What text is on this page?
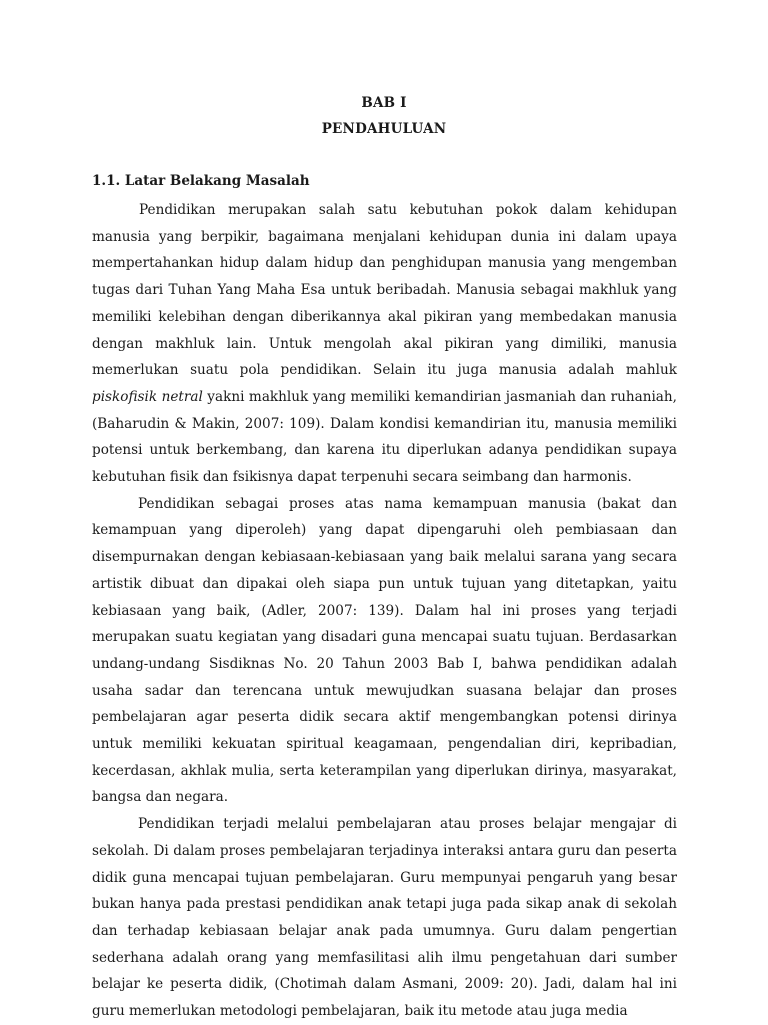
BAB I
PENDAHULUAN
1.1. Latar Belakang Masalah

Pendidikan merupakan salah satu kebutuhan pokok dalam kehidupan manusia yang berpikir, bagaimana menjalani kehidupan dunia ini dalam upaya mempertahankan hidup dalam hidup dan penghidupan manusia yang mengemban tugas dari Tuhan Yang Maha Esa untuk beribadah. Manusia sebagai makhluk yang memiliki kelebihan dengan diberikannya akal pikiran yang membedakan manusia dengan makhluk lain. Untuk mengolah akal pikiran yang dimiliki, manusia memerlukan suatu pola pendidikan. Selain itu juga manusia adalah mahluk piskofisik netral yakni makhluk yang memiliki kemandirian jasmaniah dan ruhaniah, (Baharudin & Makin, 2007: 109). Dalam kondisi kemandirian itu, manusia memiliki potensi untuk berkembang, dan karena itu diperlukan adanya pendidikan supaya kebutuhan fisik dan fsikisnya dapat terpenuhi secara seimbang dan harmonis.

Pendidikan sebagai proses atas nama kemampuan manusia (bakat dan kemampuan yang diperoleh) yang dapat dipengaruhi oleh pembiasaan dan disempurnakan dengan kebiasaan-kebiasaan yang baik melalui sarana yang secara artistik dibuat dan dipakai oleh siapa pun untuk tujuan yang ditetapkan, yaitu kebiasaan yang baik, (Adler, 2007: 139). Dalam hal ini proses yang terjadi merupakan suatu kegiatan yang disadari guna mencapai suatu tujuan. Berdasarkan undang-undang Sisdiknas No. 20 Tahun 2003 Bab I, bahwa pendidikan adalah usaha sadar dan terencana untuk mewujudkan suasana belajar dan proses pembelajaran agar peserta didik secara aktif mengembangkan potensi dirinya untuk memiliki kekuatan spiritual keagamaan, pengendalian diri, kepribadian, kecerdasan, akhlak mulia, serta keterampilan yang diperlukan dirinya, masyarakat, bangsa dan negara.

Pendidikan terjadi melalui pembelajaran atau proses belajar mengajar di sekolah. Di dalam proses pembelajaran terjadinya interaksi antara guru dan peserta didik guna mencapai tujuan pembelajaran. Guru mempunyai pengaruh yang besar bukan hanya pada prestasi pendidikan anak tetapi juga pada sikap anak di sekolah dan terhadap kebiasaan belajar anak pada umumnya. Guru dalam pengertian sederhana adalah orang yang memfasilitasi alih ilmu pengetahuan dari sumber belajar ke peserta didik, (Chotimah dalam Asmani, 2009: 20). Jadi, dalam hal ini guru memerlukan metodologi pembelajaran, baik itu metode atau juga media
